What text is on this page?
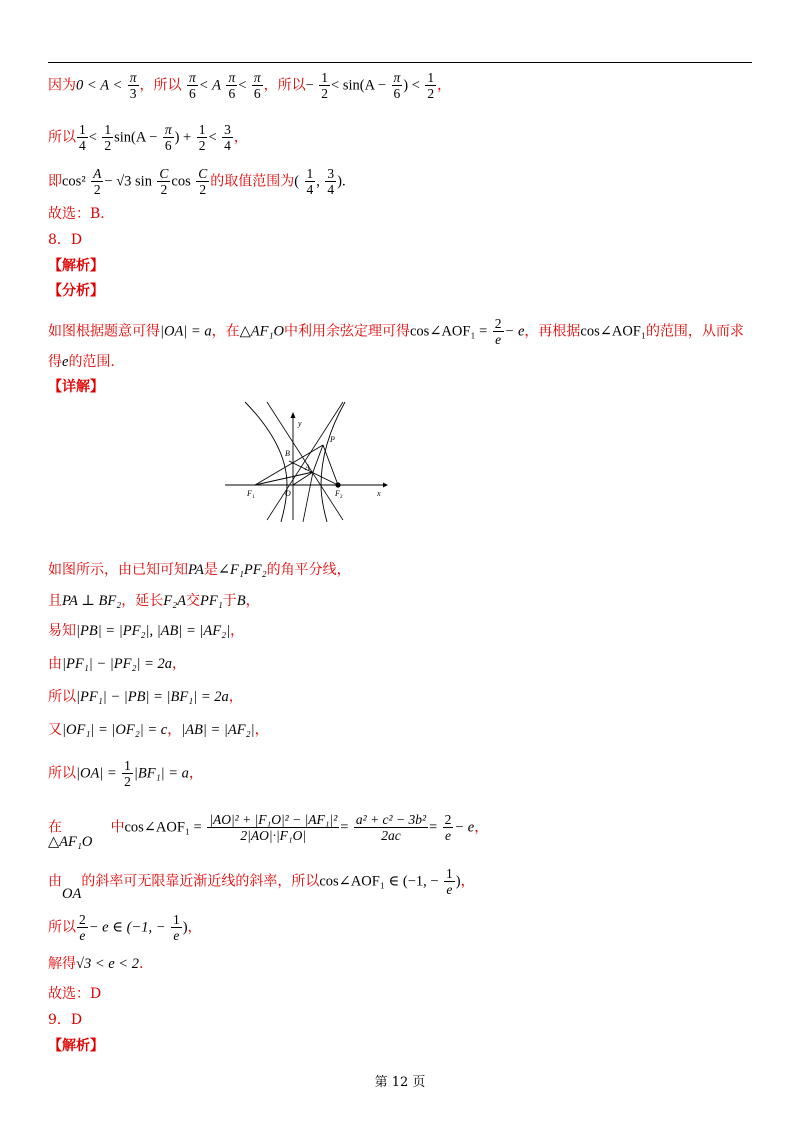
因为$0 < A < \frac{\pi}{3}$ ，所以 $\frac{\pi}{6} < A \frac{\pi}{6} < \frac{\pi}{6}$ ，所以− $\frac{1}{2} < \sin(A - \frac{\pi}{6}$ ) < $\frac{1}{2}$ ，
所以 $\frac{1}{4} < \frac{1}{2} \sin(A - \frac{\pi}{6}$ ) + $\frac{1}{2} < \frac{3}{4}$ ，
即$\cos^2 \frac{A}{2} - √3$ $\sin \frac{C}{2}$ $\cos \frac{C}{2}$ 的取值范围为( $\frac{1}{4}$ , $\frac{3}{4}$ ).
故选：B.
8．D
【解析】
【分析】
如图根据题意可得|OA| = a，在△AF₁O中利用余弦定理可得cos∠AOF₁ = $\frac{2}{e} - e$，再根据cos∠AOF₁的范围，从而求
得e的范围.
【详解】
y
x
P
B
A
$F_1$	O	$F_2$
如图所示，由已知可知PA是∠F₁PF₂的角平分线，
且PA ⊥ BF₂，延长F₂A交PF₁于B，
易知|PB| = |PF₂|, |AB| = |AF₂|，
由|PF₁| − |PF₂| = 2a，
所以|PF₁| − |PB| = |BF₁| = 2a，
又|OF₁| = |OF₂| = c，|AB| = |AF₂|，
所以$|OA| = \frac{1}{2} |BF_1| = a$，
在
△AF₁O
中cos∠AOF₁ = $\frac{\text{|AO|² + |F₁O|² − |AF₁|²}}{\text{2|AO|·|F₁O|}} = \frac{\text{a² + c² − 3b²}}{2ac} = \frac{2}{e} - e$，
由OA的斜率可无限靠近渐近线的斜率，所以cos∠AOF₁ ∈ (−1, − $\frac{1}{e}$ )，
所以 $\frac{2}{e} - e$ ∈ (−1, − $\frac{1}{e}$ )，
解得√3 < e < 2.
故选：D
9．D
【解析】
第 12 页
